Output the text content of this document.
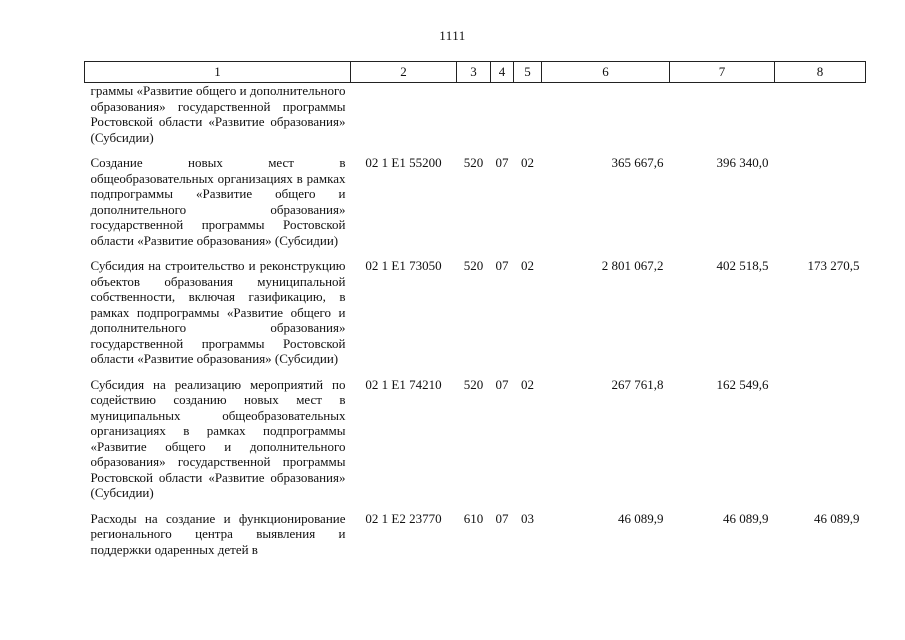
1111
1	2	3	4	5	6	7	8
граммы «Развитие общего и дополнительного образования» государственной программы Ростовской области «Развитие образования» (Субсидии)							

Создание новых мест в общеобразовательных организациях в рамках подпрограммы «Развитие общего и дополнительного образования» государственной программы Ростовской области «Развитие образования» (Субсидии)	02 1 E1 55200	520	07	02	365 667,6	396 340,0	

Субсидия на строительство и реконструкцию объектов образования муниципальной собственности, включая газификацию, в рамках подпрограммы «Развитие общего и дополнительного образования» государственной программы Ростовской области «Развитие образования» (Субсидии)	02 1 E1 73050	520	07	02	2 801 067,2	402 518,5	173 270,5

Субсидия на реализацию мероприятий по содействию созданию новых мест в муниципальных общеобразовательных организациях в рамках подпрограммы «Развитие общего и дополнительного образования» государственной программы Ростовской области «Развитие образования» (Субсидии)	02 1 E1 74210	520	07	02	267 761,8	162 549,6	

Расходы на создание и функционирование регионального центра выявления и поддержки одаренных детей в	02 1 E2 23770	610	07	03	46 089,9	46 089,9	46 089,9
